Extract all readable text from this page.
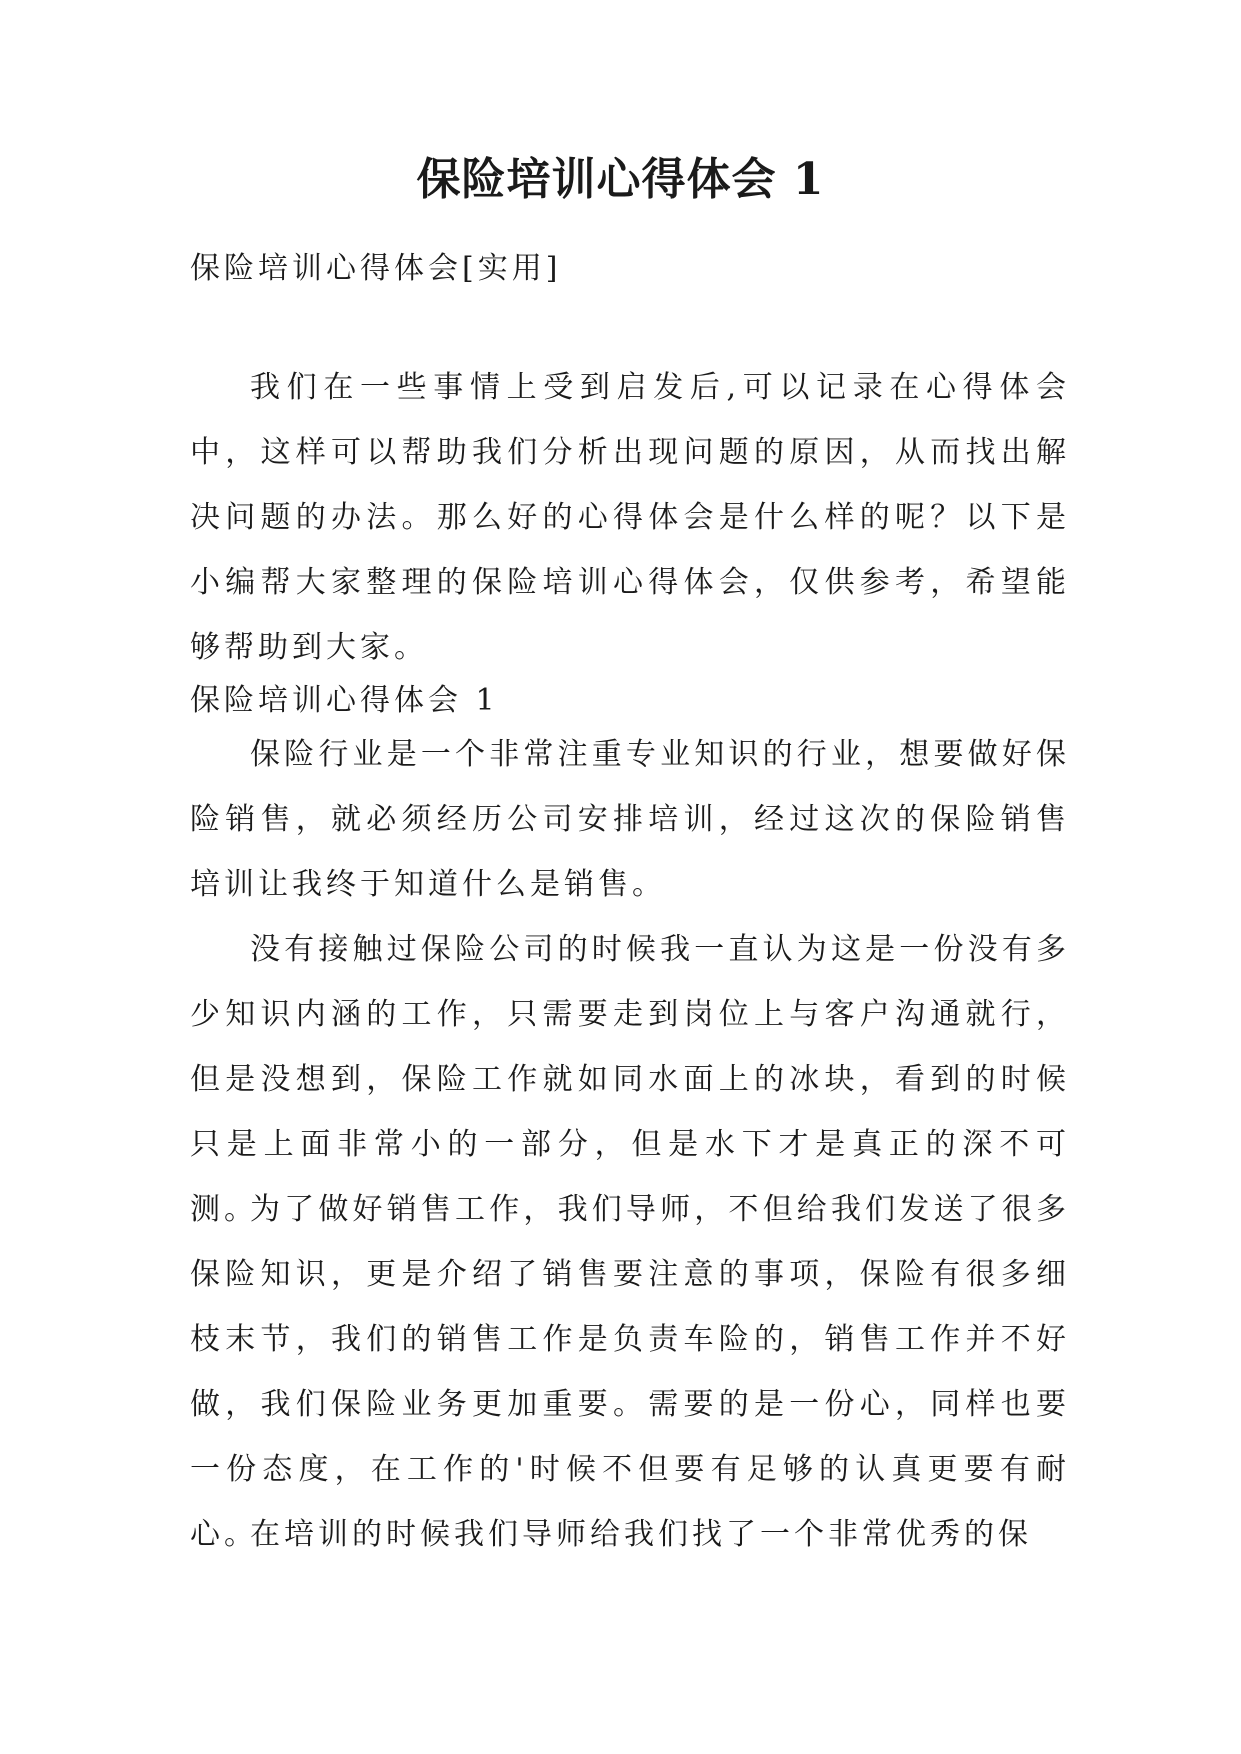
保险培训心得体会 1

保险培训心得体会[实用]

我们在一些事情上受到启发后,可以记录在心得体会中，这样可以帮助我们分析出现问题的原因，从而找出解决问题的办法。那么好的心得体会是什么样的呢？以下是小编帮大家整理的保险培训心得体会，仅供参考，希望能够帮助到大家。

保险培训心得体会 1

保险行业是一个非常注重专业知识的行业，想要做好保险销售，就必须经历公司安排培训，经过这次的保险销售培训让我终于知道什么是销售。

没有接触过保险公司的时候我一直认为这是一份没有多少知识内涵的工作，只需要走到岗位上与客户沟通就行，但是没想到，保险工作就如同水面上的冰块，看到的时候只是上面非常小的一部分，但是水下才是真正的深不可测。

为了做好销售工作，我们导师，不但给我们发送了很多保险知识，更是介绍了销售要注意的事项，保险有很多细枝末节，我们的销售工作是负责车险的，销售工作并不好做，我们保险业务更加重要。需要的是一份心，同样也要一份态度，在工作的'时候不但要有足够的认真更要有耐心。

在培训的时候我们导师给我们找了一个非常优秀的保
